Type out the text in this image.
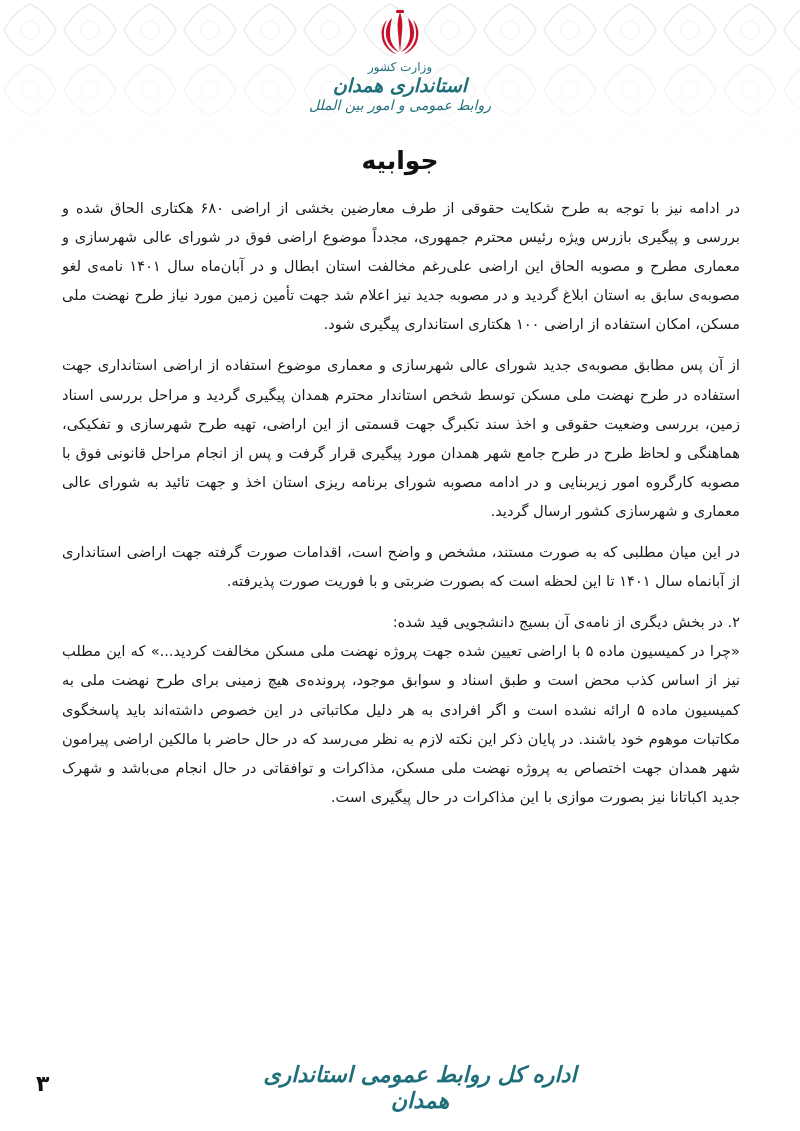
وزارت کشور
استانداری همدان
روابط عمومی و امور بین الملل
جوابیه

در ادامه نیز با توجه به طرح شکایت حقوقی از طرف معارضین بخشی از اراضی ۶۸۰ هکتاری الحاق شده و بررسی و پیگیری بازرس ویژه رئیس محترم جمهوری، مجدداً موضوع اراضی فوق در شورای عالی شهرسازی و معماری مطرح و مصوبه الحاق این اراضی علی‌رغم مخالفت استان ابطال و در آبان‌ماه سال ۱۴۰۱ نامه‌ی لغو مصوبه‌ی سابق به استان ابلاغ گردید و در مصوبه جدید نیز اعلام شد جهت تأمین زمین مورد نیاز طرح نهضت ملی مسکن، امکان استفاده از اراضی ۱۰۰ هکتاری استانداری پیگیری شود.

از آن پس مطابق مصوبه‌ی جدید شورای عالی شهرسازی و معماری موضوع استفاده از اراضی استانداری جهت استفاده در طرح نهضت ملی مسکن توسط شخص استاندار محترم همدان پیگیری گردید و مراحل بررسی اسناد زمین، بررسی وضعیت حقوقی و اخذ سند تکبرگ جهت قسمتی از این اراضی، تهیه طرح شهرسازی و تفکیکی، هماهنگی و لحاظ طرح در طرح جامع شهر همدان مورد پیگیری قرار گرفت و پس از انجام مراحل قانونی فوق با مصوبه کارگروه امور زیربنایی و در ادامه مصوبه شورای برنامه ریزی استان اخذ و جهت تائید به شورای عالی معماری و شهرسازی کشور ارسال گردید.

در این میان مطلبی که به صورت مستند، مشخص و واضح است، اقدامات صورت گرفته جهت اراضی استانداری از آبانماه سال ۱۴۰۱ تا این لحظه است که بصورت ضربتی و با فوریت صورت پذیرفته.

۲. در بخش دیگری از نامه‌ی آن بسیج دانشجویی قید شده:

«چرا در کمیسیون ماده ۵ با اراضی تعیین شده جهت پروژه نهضت ملی مسکن مخالفت کردید...» که این مطلب نیز از اساس کذب محض است و طبق اسناد و سوابق موجود، پرونده‌ی هیچ زمینی برای طرح نهضت ملی به کمیسیون ماده ۵ ارائه نشده است و اگر افرادی به هر دلیل مکاتباتی در این خصوص داشته‌اند باید پاسخگوی مکاتبات موهوم خود باشند. در پایان ذکر این نکته لازم به نظر می‌رسد که در حال حاضر با مالکین اراضی پیرامون شهر همدان جهت اختصاص به پروژه نهضت ملی مسکن، مذاکرات و توافقاتی در حال انجام می‌باشد و شهرک جدید اکباتانا نیز بصورت موازی با این مذاکرات در حال پیگیری است.

اداره کل روابط عمومی استانداری همدان
۳
